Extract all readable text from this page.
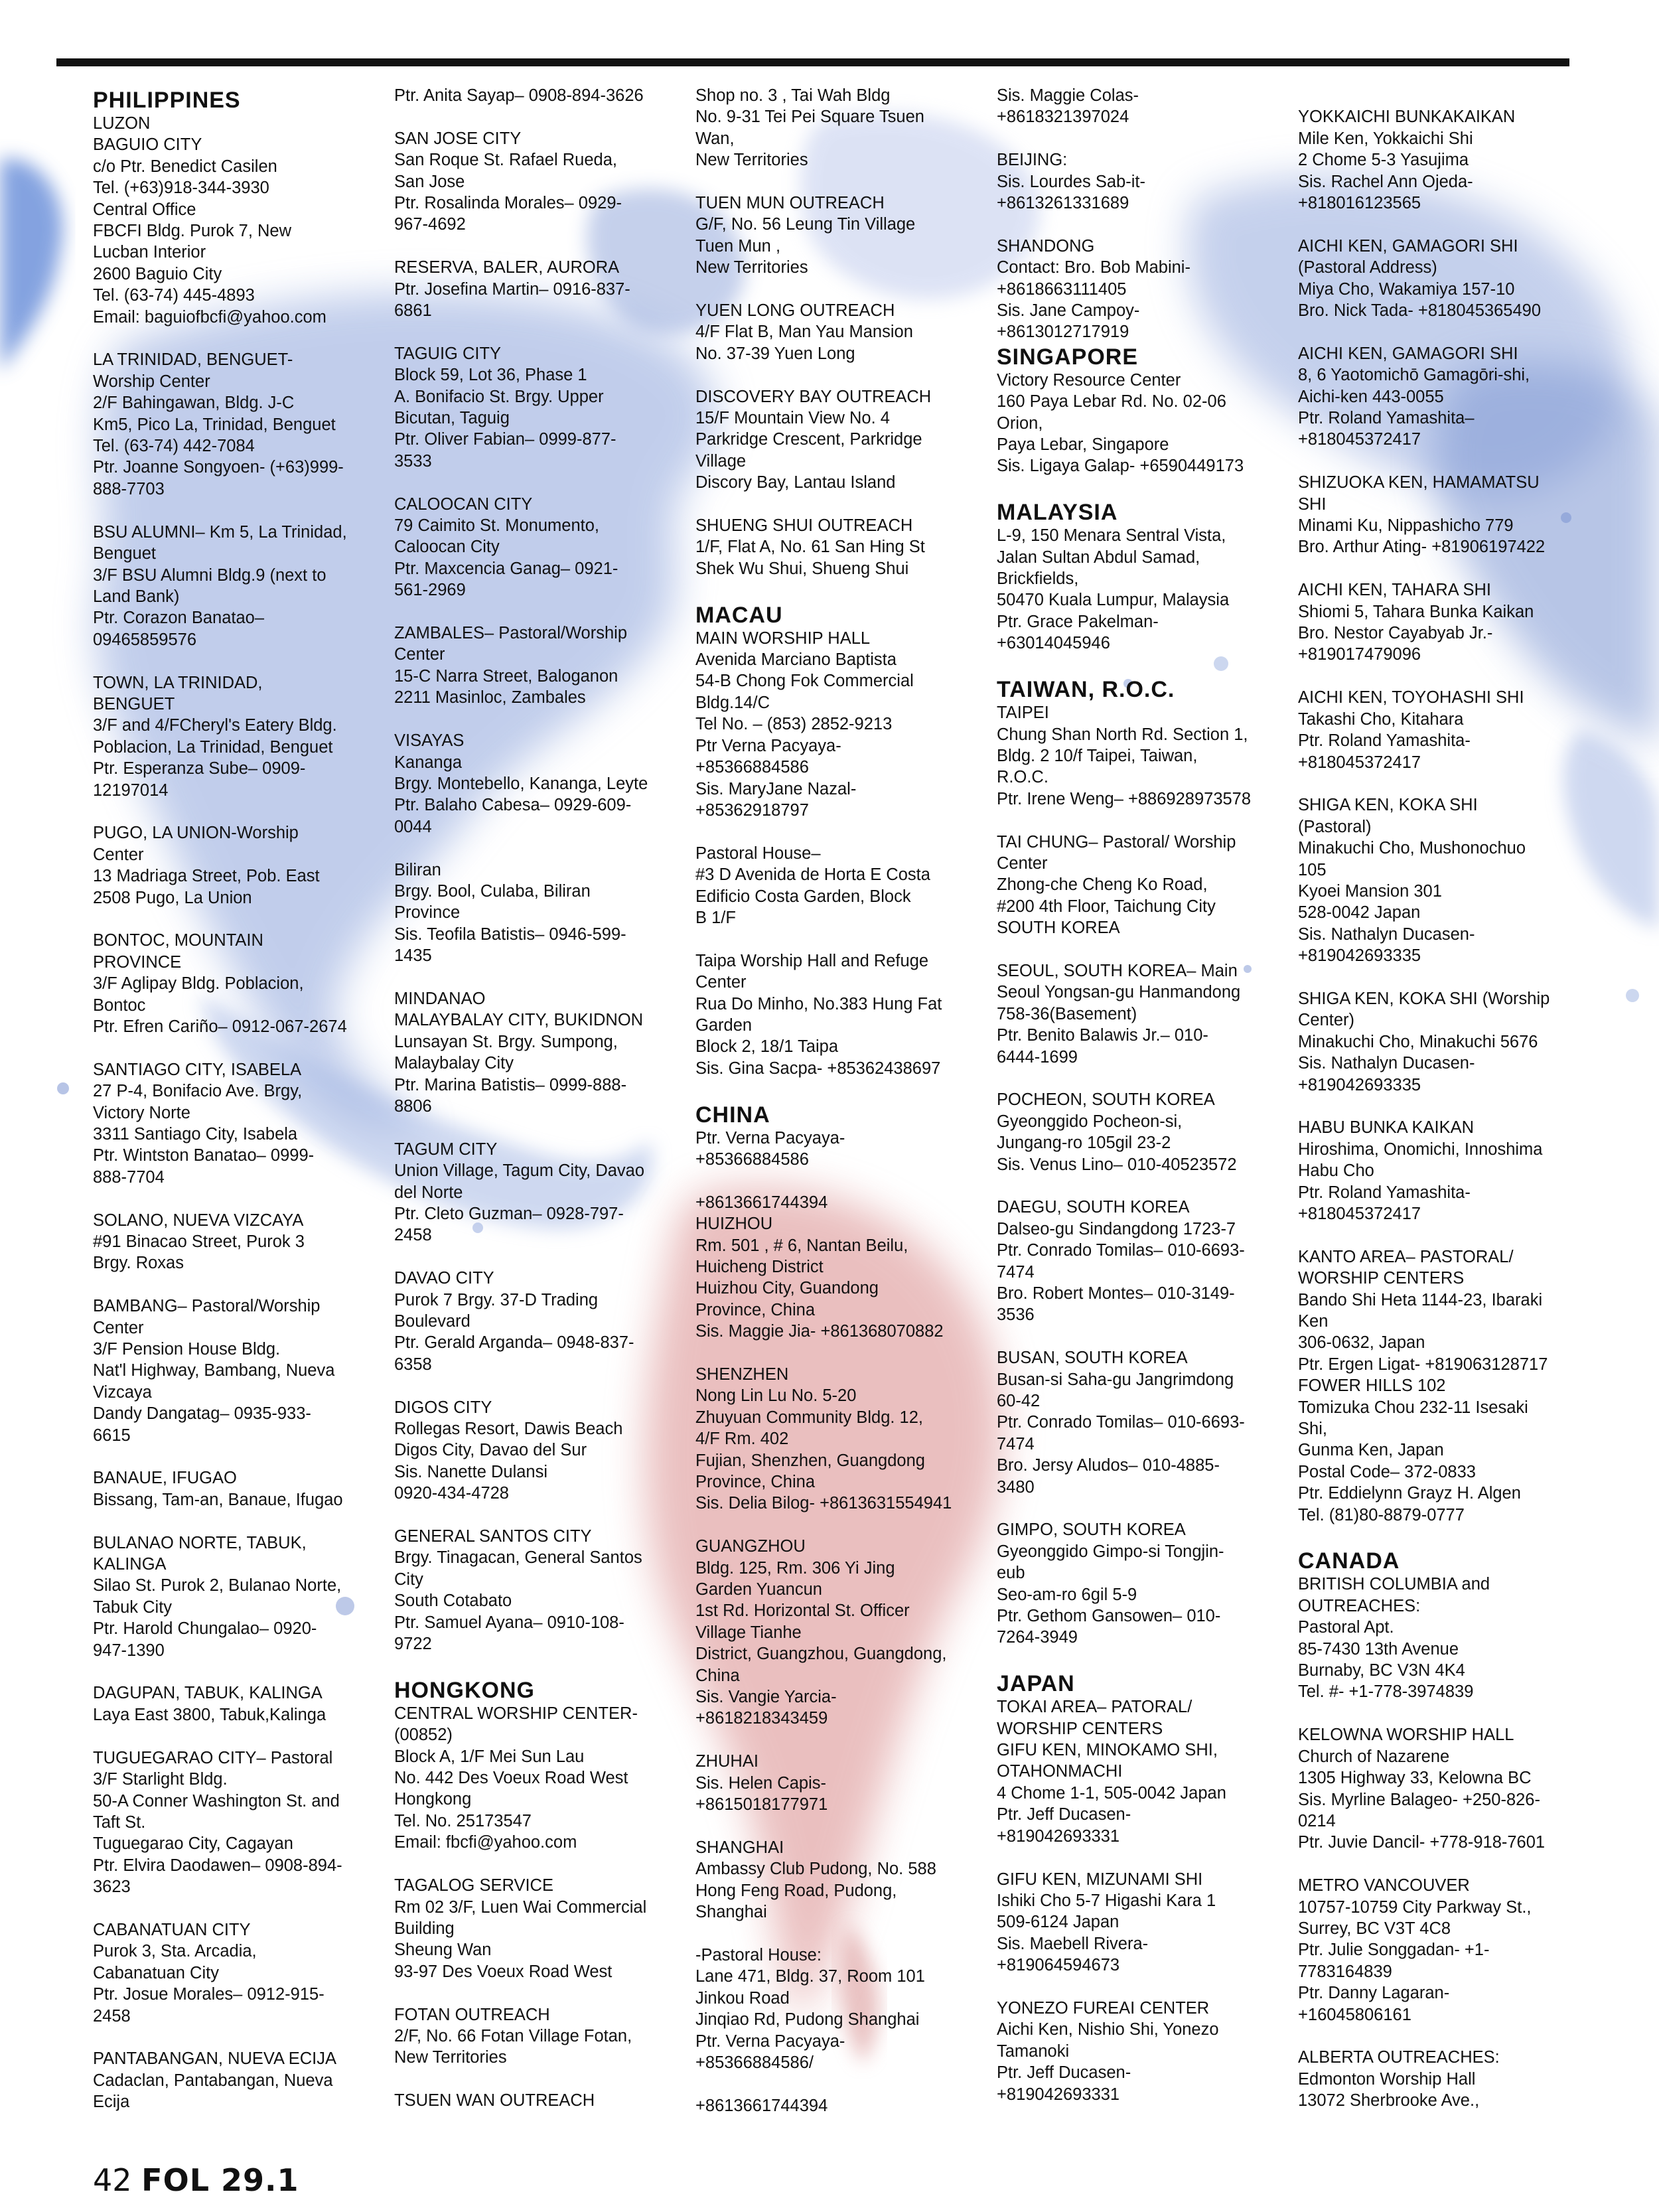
PHILIPPINES
LUZON
BAGUIO CITY
c/o Ptr. Benedict Casilen
Tel. (+63)918-344-3930
Central Office
FBCFI Bldg. Purok 7, New
Lucban Interior
2600 Baguio City
Tel. (63-74) 445-4893
Email: baguiofbcfi@yahoo.com
LA TRINIDAD, BENGUET-
Worship Center
2/F Bahingawan, Bldg. J-C
Km5, Pico La, Trinidad, Benguet
Tel. (63-74) 442-7084
Ptr. Joanne Songyoen- (+63)999-
888-7703
BSU ALUMNI– Km 5, La Trinidad,
Benguet
3/F BSU Alumni Bldg.9 (next to
Land Bank)
Ptr. Corazon Banatao–
09465859576
TOWN, LA TRINIDAD,
BENGUET
3/F and 4/FCheryl's Eatery Bldg.
Poblacion, La Trinidad, Benguet
Ptr. Esperanza Sube– 0909-
12197014
PUGO, LA UNION-Worship
Center
13 Madriaga Street, Pob. East
2508 Pugo, La Union
BONTOC, MOUNTAIN
PROVINCE
3/F Aglipay Bldg. Poblacion,
Bontoc
Ptr. Efren Cariño– 0912-067-2674
SANTIAGO CITY, ISABELA
27 P-4, Bonifacio Ave. Brgy,
Victory Norte
3311 Santiago City, Isabela
Ptr. Wintston Banatao– 0999-
888-7704
SOLANO, NUEVA VIZCAYA
#91 Binacao Street, Purok 3
Brgy. Roxas
BAMBANG– Pastoral/Worship
Center
3/F Pension House Bldg.
Nat'l Highway, Bambang, Nueva
Vizcaya
Dandy Dangatag– 0935-933-
6615
BANAUE, IFUGAO
Bissang, Tam-an, Banaue, Ifugao
BULANAO NORTE, TABUK,
KALINGA
Silao St. Purok 2, Bulanao Norte,
Tabuk City
Ptr. Harold Chungalao– 0920-
947-1390
DAGUPAN, TABUK, KALINGA
Laya East 3800, Tabuk,Kalinga
TUGUEGARAO CITY– Pastoral
3/F Starlight Bldg.
50-A Conner Washington St. and
Taft St.
Tuguegarao City, Cagayan
Ptr. Elvira Daodawen– 0908-894-
3623
CABANATUAN CITY
Purok 3, Sta. Arcadia,
Cabanatuan City
Ptr. Josue Morales– 0912-915-
2458
PANTABANGAN, NUEVA ECIJA
Cadaclan, Pantabangan, Nueva
Ecija
Ptr. Anita Sayap– 0908-894-3626
SAN JOSE CITY
San Roque St. Rafael Rueda,
San Jose
Ptr. Rosalinda Morales– 0929-
967-4692
RESERVA, BALER, AURORA
Ptr. Josefina Martin– 0916-837-
6861
TAGUIG CITY
Block 59, Lot 36, Phase 1
A. Bonifacio St. Brgy. Upper
Bicutan, Taguig
Ptr. Oliver Fabian– 0999-877-
3533
CALOOCAN CITY
79 Caimito St. Monumento,
Caloocan City
Ptr. Maxcencia Ganag– 0921-
561-2969
ZAMBALES– Pastoral/Worship
Center
15-C Narra Street, Baloganon
2211 Masinloc, Zambales
VISAYAS
Kananga
Brgy. Montebello, Kananga, Leyte
Ptr. Balaho Cabesa– 0929-609-
0044
Biliran
Brgy. Bool, Culaba, Biliran
Province
Sis. Teofila Batistis– 0946-599-
1435
MINDANAO
MALAYBALAY CITY, BUKIDNON
Lunsayan St. Brgy. Sumpong,
Malaybalay City
Ptr. Marina Batistis– 0999-888-
8806
TAGUM CITY
Union Village, Tagum City, Davao
del Norte
Ptr. Cleto Guzman– 0928-797-
2458
DAVAO CITY
Purok 7 Brgy. 37-D Trading
Boulevard
Ptr. Gerald Arganda– 0948-837-
6358
DIGOS CITY
Rollegas Resort, Dawis Beach
Digos City, Davao del Sur
Sis. Nanette Dulansi
0920-434-4728
GENERAL SANTOS CITY
Brgy. Tinagacan, General Santos
City
South Cotabato
Ptr. Samuel Ayana– 0910-108-
9722
HONGKONG
CENTRAL WORSHIP CENTER-
(00852)
Block A, 1/F Mei Sun Lau
No. 442 Des Voeux Road West
Hongkong
Tel. No. 25173547
Email: fbcfi@yahoo.com
TAGALOG SERVICE
Rm 02 3/F, Luen Wai Commercial
Building
Sheung Wan
93-97 Des Voeux Road West
FOTAN OUTREACH
2/F, No. 66 Fotan Village Fotan,
New Territories
TSUEN WAN OUTREACH
Shop no. 3 , Tai Wah Bldg
No. 9-31 Tei Pei Square Tsuen
Wan,
New Territories
TUEN MUN OUTREACH
G/F, No. 56 Leung Tin Village
Tuen Mun ,
New Territories
YUEN LONG OUTREACH
4/F Flat B, Man Yau Mansion
No. 37-39 Yuen Long
DISCOVERY BAY OUTREACH
15/F Mountain View No. 4
Parkridge Crescent, Parkridge
Village
Discory Bay, Lantau Island
SHUENG SHUI OUTREACH
1/F, Flat A, No. 61 San Hing St
Shek Wu Shui, Shueng Shui
MACAU
MAIN WORSHIP HALL
Avenida Marciano Baptista
54-B Chong Fok Commercial
Bldg.14/C
Tel No. – (853) 2852-9213
Ptr Verna Pacyaya-
+85366884586
Sis. MaryJane Nazal-
+85362918797
Pastoral House–
#3 D Avenida de Horta E Costa
Edificio Costa Garden, Block
B 1/F
Taipa Worship Hall and Refuge
Center
Rua Do Minho, No.383 Hung Fat
Garden
Block 2, 18/1 Taipa
Sis. Gina Sacpa- +85362438697
CHINA
Ptr. Verna Pacyaya-
+85366884586
+8613661744394
HUIZHOU
Rm. 501 , # 6, Nantan Beilu,
Huicheng District
Huizhou City, Guandong
Province, China
Sis. Maggie Jia- +861368070882
SHENZHEN
Nong Lin Lu No. 5-20
Zhuyuan Community Bldg. 12,
4/F Rm. 402
Fujian, Shenzhen, Guangdong
Province, China
Sis. Delia Bilog- +8613631554941
GUANGZHOU
Bldg. 125, Rm. 306 Yi Jing
Garden Yuancun
1st Rd. Horizontal St. Officer
Village Tianhe
District, Guangzhou, Guangdong,
China
Sis. Vangie Yarcia-
+8618218343459
ZHUHAI
Sis. Helen Capis-
+8615018177971
SHANGHAI
Ambassy Club Pudong, No. 588
Hong Feng Road, Pudong,
Shanghai
-Pastoral House:
Lane 471, Bldg. 37, Room 101
Jinkou Road
Jinqiao Rd, Pudong Shanghai
Ptr. Verna Pacyaya-
+85366884586/
+8613661744394
Sis. Maggie Colas-
+8618321397024
BEIJING:
Sis. Lourdes Sab-it-
+8613261331689
SHANDONG
Contact: Bro. Bob Mabini-
+8618663111405
Sis. Jane Campoy-
+8613012717919
SINGAPORE
Victory Resource Center
160 Paya Lebar Rd. No. 02-06
Orion,
Paya Lebar, Singapore
Sis. Ligaya Galap- +6590449173
MALAYSIA
L-9, 150 Menara Sentral Vista,
Jalan Sultan Abdul Samad,
Brickfields,
50470 Kuala Lumpur, Malaysia
Ptr. Grace Pakelman-
+63014045946
TAIWAN, R.O.C.
TAIPEI
Chung Shan North Rd. Section 1,
Bldg. 2 10/f Taipei, Taiwan,
R.O.C.
Ptr. Irene Weng– +886928973578
TAI CHUNG– Pastoral/ Worship
Center
Zhong-che Cheng Ko Road,
#200 4th Floor, Taichung City
SOUTH KOREA
SEOUL, SOUTH KOREA– Main
Seoul Yongsan-gu Hanmandong
758-36(Basement)
Ptr. Benito Balawis Jr.– 010-
6444-1699
POCHEON, SOUTH KOREA
Gyeonggido Pocheon-si,
Jungang-ro 105gil 23-2
Sis. Venus Lino– 010-40523572
DAEGU, SOUTH KOREA
Dalseo-gu Sindangdong 1723-7
Ptr. Conrado Tomilas– 010-6693-
7474
Bro. Robert Montes– 010-3149-
3536
BUSAN, SOUTH KOREA
Busan-si Saha-gu Jangrimdong
60-42
Ptr. Conrado Tomilas– 010-6693-
7474
Bro. Jersy Aludos– 010-4885-
3480
GIMPO, SOUTH KOREA
Gyeonggido Gimpo-si Tongjin-
eub
Seo-am-ro 6gil 5-9
Ptr. Gethom Gansowen– 010-
7264-3949
JAPAN
TOKAI AREA– PATORAL/
WORSHIP CENTERS
GIFU KEN, MINOKAMO SHI,
OTAHONMACHI
4 Chome 1-1, 505-0042 Japan
Ptr. Jeff Ducasen-
+819042693331
GIFU KEN, MIZUNAMI SHI
Ishiki Cho 5-7 Higashi Kara 1
509-6124 Japan
Sis. Maebell Rivera-
+819064594673
YONEZO FUREAI CENTER
Aichi Ken, Nishio Shi, Yonezo
Tamanoki
Ptr. Jeff Ducasen-
+819042693331
YOKKAICHI BUNKAKAIKAN
Mile Ken, Yokkaichi Shi
2 Chome 5-3 Yasujima
Sis. Rachel Ann Ojeda-
+818016123565
AICHI KEN, GAMAGORI SHI
(Pastoral Address)
Miya Cho, Wakamiya 157-10
Bro. Nick Tada- +818045365490
AICHI KEN, GAMAGORI SHI
8, 6 Yaotomichō Gamagōri-shi,
Aichi-ken 443-0055
Ptr. Roland Yamashita–
+818045372417
SHIZUOKA KEN, HAMAMATSU
SHI
Minami Ku, Nippashicho 779
Bro. Arthur Ating- +81906197422
AICHI KEN, TAHARA SHI
Shiomi 5, Tahara Bunka Kaikan
Bro. Nestor Cayabyab Jr.-
+819017479096
AICHI KEN, TOYOHASHI SHI
Takashi Cho, Kitahara
Ptr. Roland Yamashita-
+818045372417
SHIGA KEN, KOKA SHI
(Pastoral)
Minakuchi Cho, Mushonochuo
105
Kyoei Mansion 301
528-0042 Japan
Sis. Nathalyn Ducasen-
+819042693335
SHIGA KEN, KOKA SHI (Worship
Center)
Minakuchi Cho, Minakuchi 5676
Sis. Nathalyn Ducasen-
+819042693335
HABU BUNKA KAIKAN
Hiroshima, Onomichi, Innoshima
Habu Cho
Ptr. Roland Yamashita-
+818045372417
KANTO AREA– PASTORAL/
WORSHIP CENTERS
Bando Shi Heta 1144-23, Ibaraki
Ken
306-0632, Japan
Ptr. Ergen Ligat- +819063128717
FOWER HILLS 102
Tomizuka Chou 232-11 Isesaki
Shi,
Gunma Ken, Japan
Postal Code– 372-0833
Ptr. Eddielynn Grayz H. Algen
Tel. (81)80-8879-0777
CANADA
BRITISH COLUMBIA and
OUTREACHES:
Pastoral Apt.
85-7430 13th Avenue
Burnaby, BC V3N 4K4
Tel. #- +1-778-3974839
KELOWNA WORSHIP HALL
Church of Nazarene
1305 Highway 33, Kelowna BC
Sis. Myrline Balageo- +250-826-
0214
Ptr. Juvie Dancil- +778-918-7601
METRO VANCOUVER
10757-10759 City Parkway St.,
Surrey, BC V3T 4C8
Ptr. Julie Songgadan- +1-
7783164839
Ptr. Danny Lagaran-
+16045806161
ALBERTA OUTREACHES:
Edmonton Worship Hall
13072 Sherbrooke Ave.,
42 FOL 29.1
